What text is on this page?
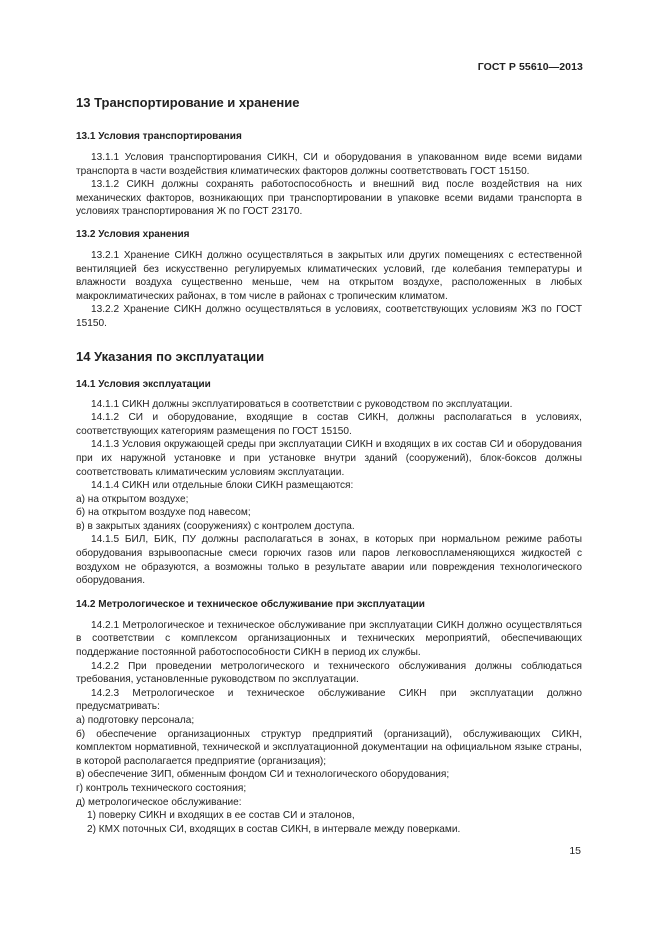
ГОСТ Р 55610—2013
13 Транспортирование и хранение
13.1 Условия транспортирования

13.1.1 Условия транспортирования СИКН, СИ и оборудования в упакованном виде всеми видами транспорта в части воздействия климатических факторов должны соответствовать ГОСТ 15150.

13.1.2 СИКН должны сохранять работоспособность и внешний вид после воздействия на них механических факторов, возникающих при транспортировании в упаковке всеми видами транспорта в условиях транспортирования Ж по ГОСТ 23170.

13.2 Условия хранения

13.2.1 Хранение СИКН должно осуществляться в закрытых или других помещениях с естественной вентиляцией без искусственно регулируемых климатических условий, где колебания температуры и влажности воздуха существенно меньше, чем на открытом воздухе, расположенных в любых макроклиматических районах, в том числе в районах с тропическим климатом.

13.2.2 Хранение СИКН должно осуществляться в условиях, соответствующих условиям Ж3 по ГОСТ 15150.

14 Указания по эксплуатации
14.1 Условия эксплуатации

14.1.1 СИКН должны эксплуатироваться в соответствии с руководством по эксплуатации.

14.1.2 СИ и оборудование, входящие в состав СИКН, должны располагаться в условиях, соответствующих категориям размещения по ГОСТ 15150.

14.1.3 Условия окружающей среды при эксплуатации СИКН и входящих в их состав СИ и оборудования при их наружной установке и при установке внутри зданий (сооружений), блок-боксов должны соответствовать климатическим условиям эксплуатации.

14.1.4 СИКН или отдельные блоки СИКН размещаются:

а) на открытом воздухе;

б) на открытом воздухе под навесом;

в) в закрытых зданиях (сооружениях) с контролем доступа.

14.1.5 БИЛ, БИК, ПУ должны располагаться в зонах, в которых при нормальном режиме работы оборудования взрывоопасные смеси горючих газов или паров легковоспламеняющихся жидкостей с воздухом не образуются, а возможны только в результате аварии или повреждения технологического оборудования.

14.2 Метрологическое и техническое обслуживание при эксплуатации

14.2.1 Метрологическое и техническое обслуживание при эксплуатации СИКН должно осуществляться в соответствии с комплексом организационных и технических мероприятий, обеспечивающих поддержание постоянной работоспособности СИКН в период их службы.

14.2.2 При проведении метрологического и технического обслуживания должны соблюдаться требования, установленные руководством по эксплуатации.

14.2.3 Метрологическое и техническое обслуживание СИКН при эксплуатации должно предусматривать:

а) подготовку персонала;

б) обеспечение организационных структур предприятий (организаций), обслуживающих СИКН, комплектом нормативной, технической и эксплуатационной документации на официальном языке страны, в которой располагается предприятие (организация);

в) обеспечение ЗИП, обменным фондом СИ и технологического оборудования;

г) контроль технического состояния;

д) метрологическое обслуживание:

1) поверку СИКН и входящих в ее состав СИ и эталонов,

2) КМХ поточных СИ, входящих в состав СИКН, в интервале между поверками.

15
